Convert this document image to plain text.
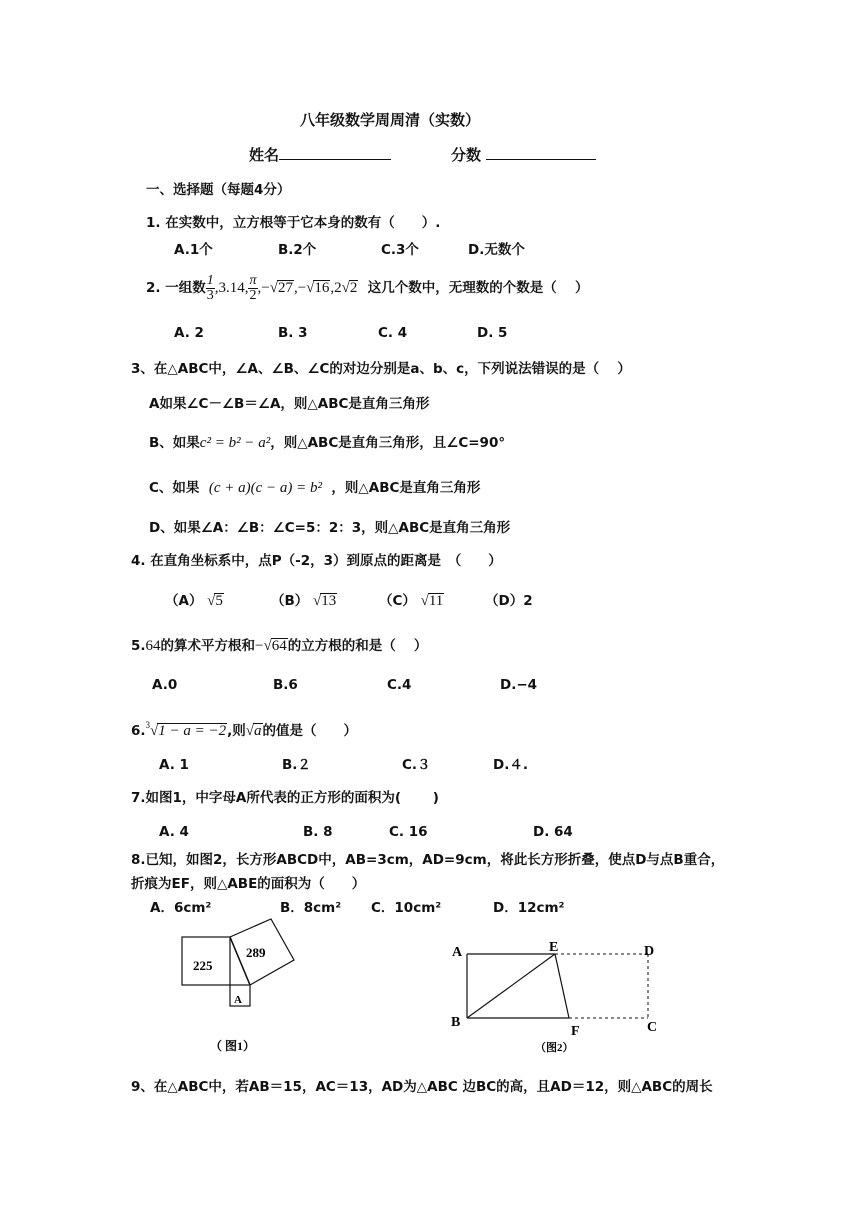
八年级数学周周清（实数）
姓名	分数
一、选择题（每题4分）
1. 在实数中，立方根等于它本身的数有（　　）.
A.1个	B.2个	C.3个	D.无数个
2. 一组数 $\frac{1}{3} ,3.14$, $\frac{\pi}{2} ,-√27,-√16,2√2$ 这几个数中，无理数的个数是（　 ）
A. 2	B. 3	C. 4	D. 5
3、在△ABC中，∠A、∠B、∠C的对边分别是a、b、c，下列说法错误的是（　 ）
A如果∠C－∠B＝∠A，则△ABC是直角三角形
B、如果c² = b² − a²，则△ABC是直角三角形，且∠C=90°
C、如果 (c + a)(c − a) = b² ，则△ABC是直角三角形
D、如果∠A：∠B：∠C=5：2：3，则△ABC是直角三角形
4. 在直角坐标系中，点P（-2，3）到原点的距离是　（　　）
（A） √5	（B） √13	（C） √11	（D）2
5.64的算术平方根和−√64的立方根的和是（　 ）
A.0	B.6	C.4	D.−4
6.$^3$√1 − a = −2,则√a的值是（　　）
A. 1	B.２	C.３	D.４.
7.如图1，中字母A所代表的正方形的面积为(　　 )
A. 4	B. 8	C. 16	D. 64
8.已知，如图2，长方形ABCD中，AB=3cm，AD=9cm，将此长方形折叠，使点D与点B重合，
折痕为EF，则△ABE的面积为（　　）
A．6cm²	B．8cm² C．10cm²	D．12cm²
225
289
A
（ 图1）
A
B
E	D
F	C
（图2）
9、在△ABC中，若AB＝15，AC＝13，AD为△ABC 边BC的高，且AD＝12，则△ABC的周长
